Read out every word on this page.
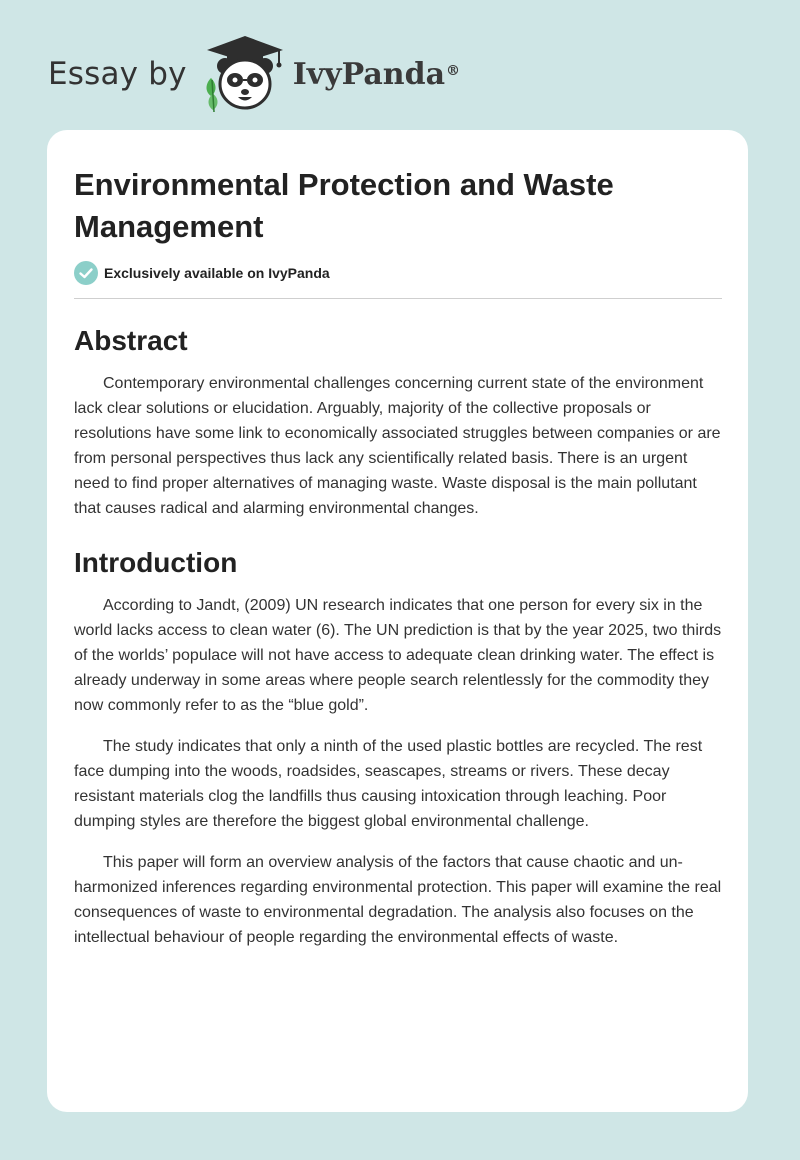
Essay by	IvyPanda®
Environmental Protection and Waste Management
Exclusively available on IvyPanda
Abstract

Contemporary environmental challenges concerning current state of the environment lack clear solutions or elucidation. Arguably, majority of the collective proposals or resolutions have some link to economically associated struggles between companies or are from personal perspectives thus lack any scientifically related basis. There is an urgent need to find proper alternatives of managing waste. Waste disposal is the main pollutant that causes radical and alarming environmental changes.

Introduction

According to Jandt, (2009) UN research indicates that one person for every six in the world lacks access to clean water (6). The UN prediction is that by the year 2025, two thirds of the worlds’ populace will not have access to adequate clean drinking water. The effect is already underway in some areas where people search relentlessly for the commodity they now commonly refer to as the “blue gold”.

The study indicates that only a ninth of the used plastic bottles are recycled. The rest face dumping into the woods, roadsides, seascapes, streams or rivers. These decay resistant materials clog the landfills thus causing intoxication through leaching. Poor dumping styles are therefore the biggest global environmental challenge.

This paper will form an overview analysis of the factors that cause chaotic and un-harmonized inferences regarding environmental protection. This paper will examine the real consequences of waste to environmental degradation. The analysis also focuses on the intellectual behaviour of people regarding the environmental effects of waste.
